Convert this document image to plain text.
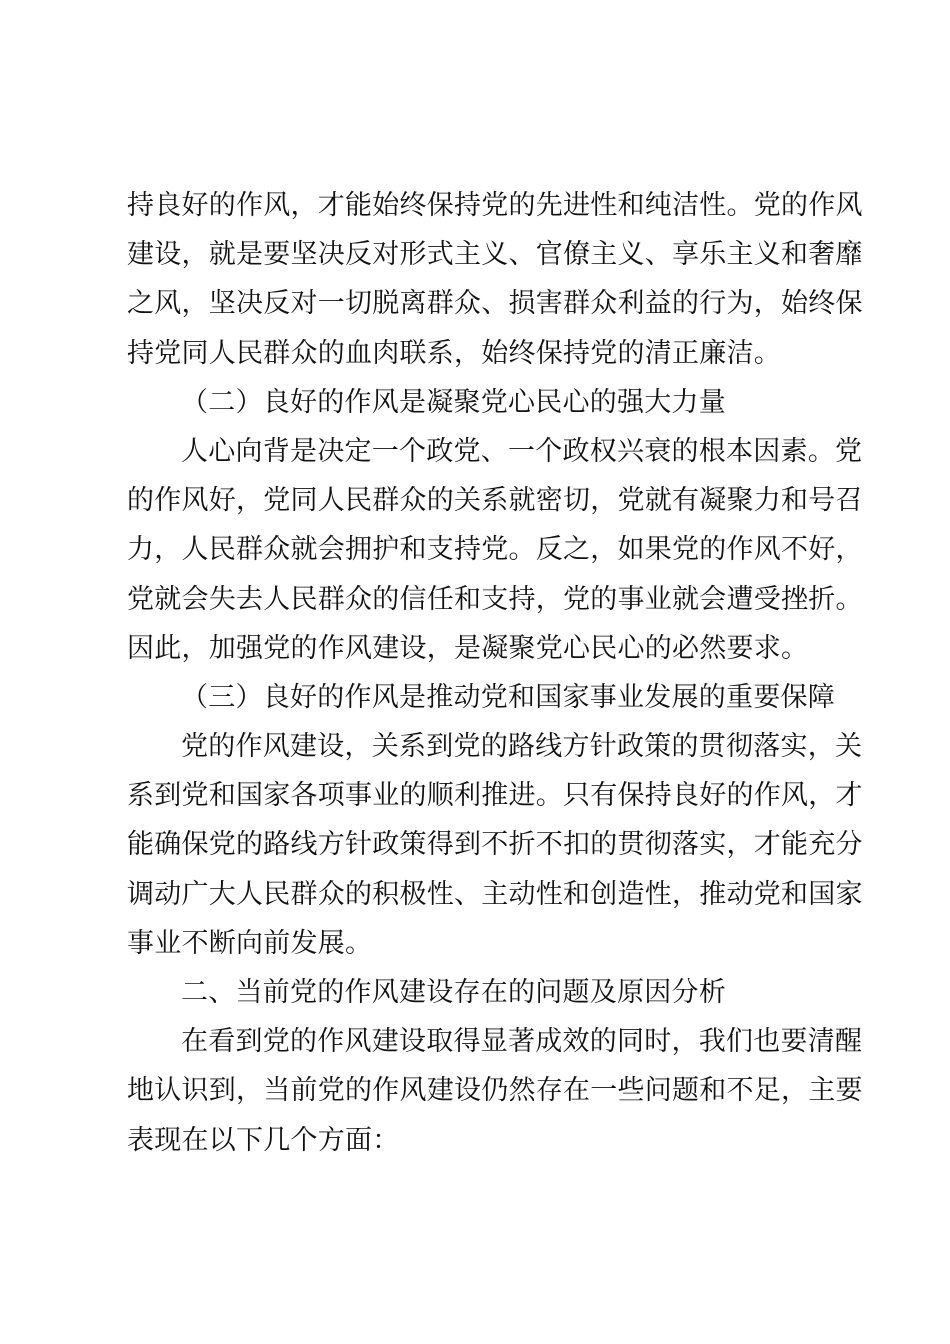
持良好的作风，才能始终保持党的先进性和纯洁性。党的作风
建设，就是要坚决反对形式主义、官僚主义、享乐主义和奢靡
之风，坚决反对一切脱离群众、损害群众利益的行为，始终保
持党同人民群众的血肉联系，始终保持党的清正廉洁。
（二）良好的作风是凝聚党心民心的强大力量
人心向背是决定一个政党、一个政权兴衰的根本因素。党
的作风好，党同人民群众的关系就密切，党就有凝聚力和号召
力，人民群众就会拥护和支持党。反之，如果党的作风不好，
党就会失去人民群众的信任和支持，党的事业就会遭受挫折。
因此，加强党的作风建设，是凝聚党心民心的必然要求。
（三）良好的作风是推动党和国家事业发展的重要保障
党的作风建设，关系到党的路线方针政策的贯彻落实，关
系到党和国家各项事业的顺利推进。只有保持良好的作风，才
能确保党的路线方针政策得到不折不扣的贯彻落实，才能充分
调动广大人民群众的积极性、主动性和创造性，推动党和国家
事业不断向前发展。
二、当前党的作风建设存在的问题及原因分析
在看到党的作风建设取得显著成效的同时，我们也要清醒
地认识到，当前党的作风建设仍然存在一些问题和不足，主要
表现在以下几个方面：
